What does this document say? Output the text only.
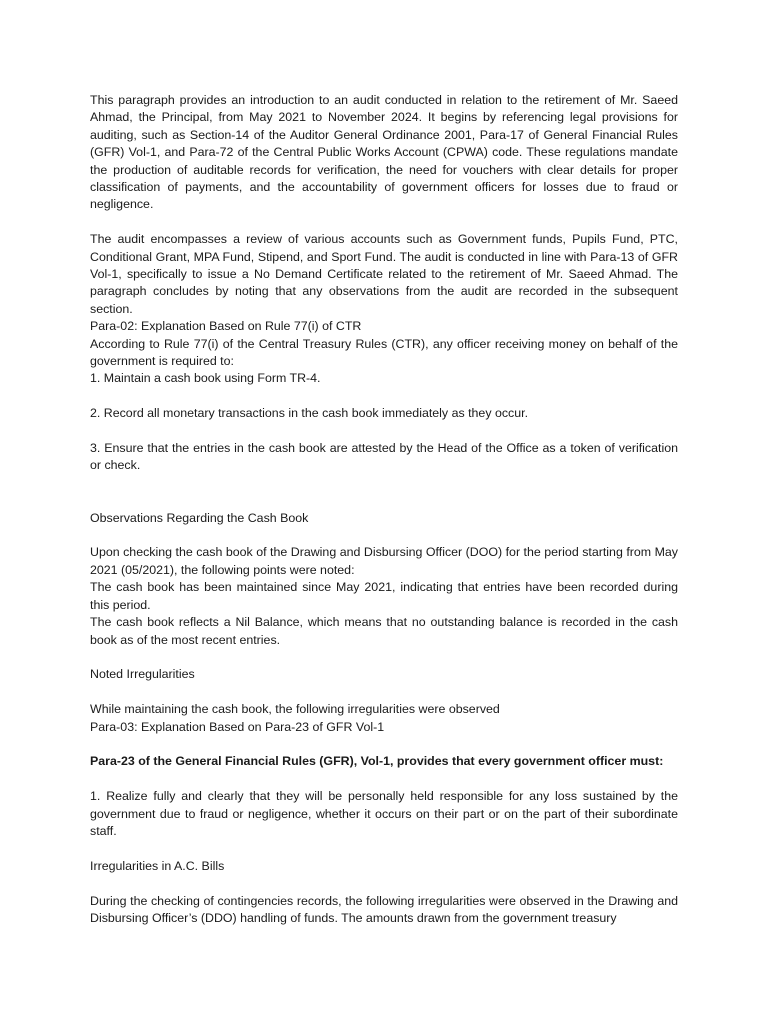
This paragraph provides an introduction to an audit conducted in relation to the retirement of Mr. Saeed Ahmad, the Principal, from May 2021 to November 2024. It begins by referencing legal provisions for auditing, such as Section-14 of the Auditor General Ordinance 2001, Para-17 of General Financial Rules (GFR) Vol-1, and Para-72 of the Central Public Works Account (CPWA) code. These regulations mandate the production of auditable records for verification, the need for vouchers with clear details for proper classification of payments, and the accountability of government officers for losses due to fraud or negligence.

The audit encompasses a review of various accounts such as Government funds, Pupils Fund, PTC, Conditional Grant, MPA Fund, Stipend, and Sport Fund. The audit is conducted in line with Para-13 of GFR Vol-1, specifically to issue a No Demand Certificate related to the retirement of Mr. Saeed Ahmad. The paragraph concludes by noting that any observations from the audit are recorded in the subsequent section.

Para-02: Explanation Based on Rule 77(i) of CTR

According to Rule 77(i) of the Central Treasury Rules (CTR), any officer receiving money on behalf of the government is required to:

1. Maintain a cash book using Form TR-4.

2. Record all monetary transactions in the cash book immediately as they occur.

3. Ensure that the entries in the cash book are attested by the Head of the Office as a token of verification or check.

Observations Regarding the Cash Book

Upon checking the cash book of the Drawing and Disbursing Officer (DOO) for the period starting from May 2021 (05/2021), the following points were noted:

The cash book has been maintained since May 2021, indicating that entries have been recorded during this period.

The cash book reflects a Nil Balance, which means that no outstanding balance is recorded in the cash book as of the most recent entries.

Noted Irregularities

While maintaining the cash book, the following irregularities were observed

Para-03: Explanation Based on Para-23 of GFR Vol-1

Para-23 of the General Financial Rules (GFR), Vol-1, provides that every government officer must:

1. Realize fully and clearly that they will be personally held responsible for any loss sustained by the government due to fraud or negligence, whether it occurs on their part or on the part of their subordinate staff.

Irregularities in A.C. Bills

During the checking of contingencies records, the following irregularities were observed in the Drawing and Disbursing Officer’s (DDO) handling of funds. The amounts drawn from the government treasury
